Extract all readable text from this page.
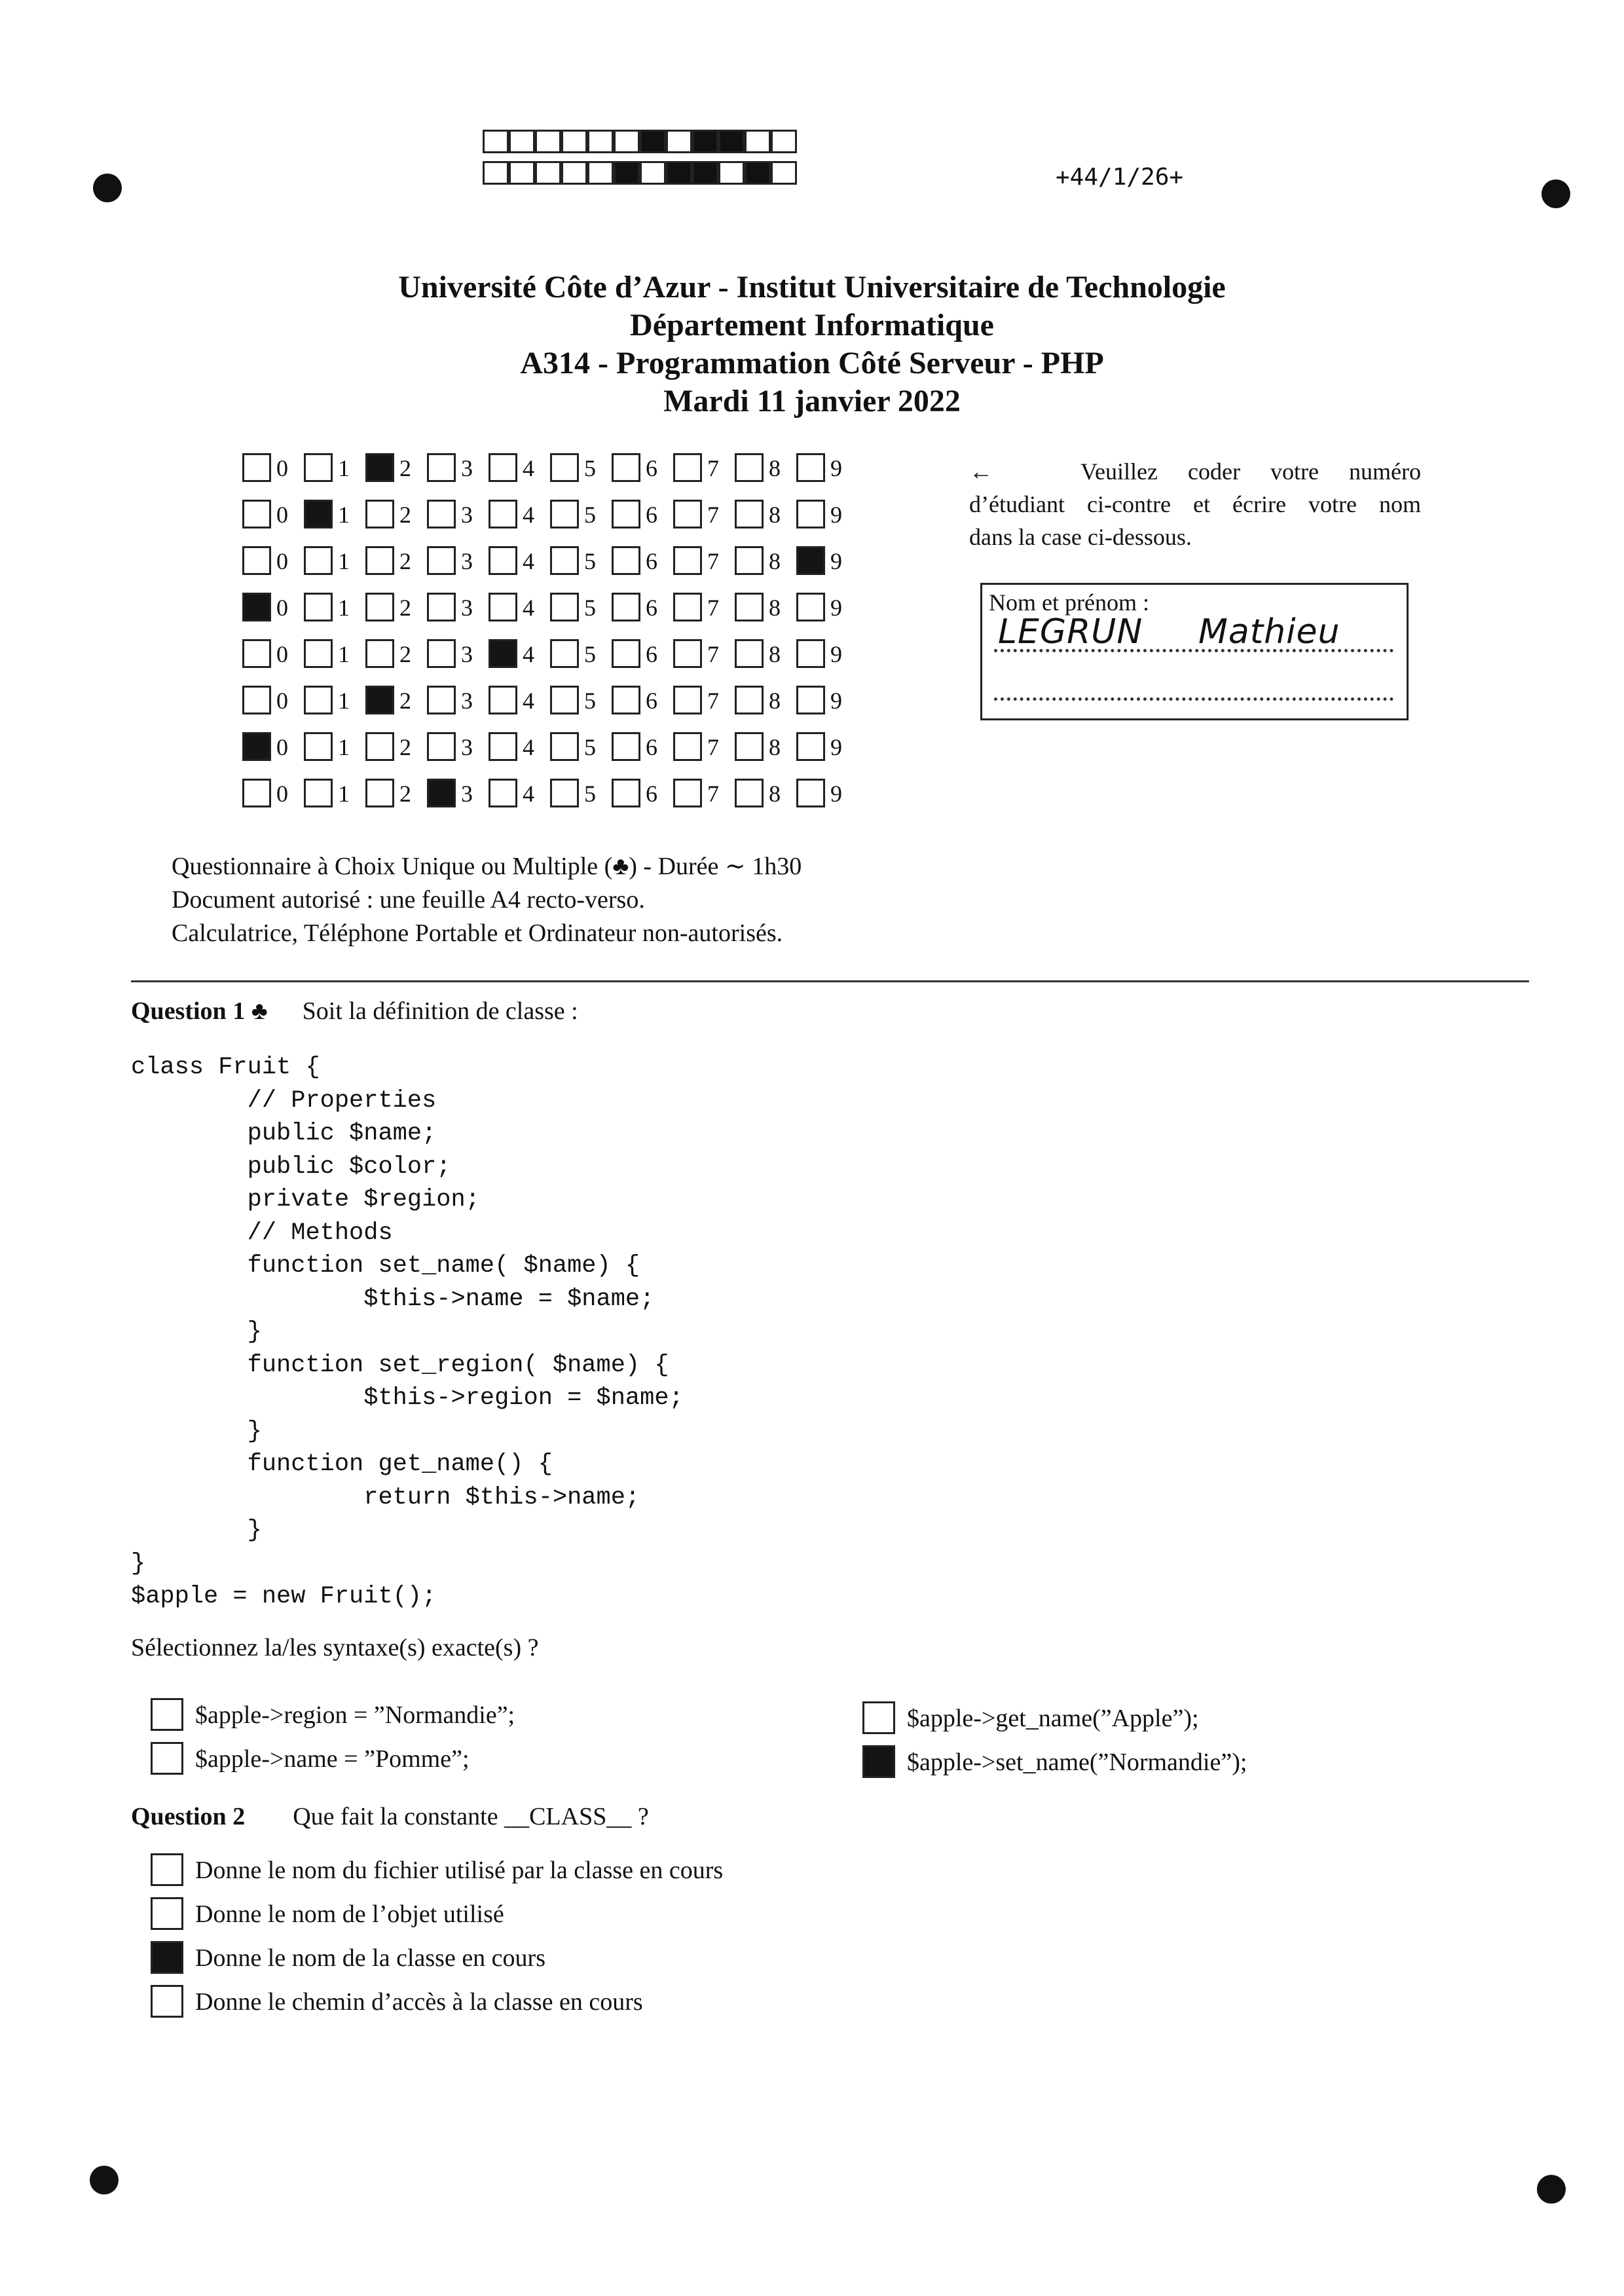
+44/1/26+
Université Côte d’Azur - Institut Universitaire de Technologie
Département Informatique
A314 - Programmation Côté Serveur - PHP
Mardi 11 janvier 2022
0 1 2 3 4 5 6 7 8 9
0 1 2 3 4 5 6 7 8 9
0 1 2 3 4 5 6 7 8 9
0 1 2 3 4 5 6 7 8 9
0 1 2 3 4 5 6 7 8 9
0 1 2 3 4 5 6 7 8 9
0 1 2 3 4 5 6 7 8 9
0 1 2 3 4 5 6 7 8 9
←	Veuillez coder votre numéro
d’étudiant ci-contre et écrire votre nom
dans la case ci-dessous.
Nom et prénom :
LEGRUN Mathieu
Questionnaire à Choix Unique ou Multiple (♣) - Durée ∼ 1h30
Document autorisé : une feuille A4 recto-verso.
Calculatrice, Téléphone Portable et Ordinateur non-autorisés.
Question 1 ♣ Soit la définition de classe :
class Fruit {
// Properties
public $name;
public $color;
private $region;
// Methods
function set_name( $name) {
$this->name = $name;
}
function set_region( $name) {
$this->region = $name;
}
function get_name() {
return $this->name;
}
}
$apple = new Fruit();
Sélectionnez la/les syntaxe(s) exacte(s) ?
$apple->region = ”Normandie”;
$apple->name = ”Pomme”;
$apple->get_name(”Apple”);
$apple->set_name(”Normandie”);
Question 2 Que fait la constante __CLASS__ ?
Donne le nom du fichier utilisé par la classe en cours
Donne le nom de l’objet utilisé
Donne le nom de la classe en cours
Donne le chemin d’accès à la classe en cours
